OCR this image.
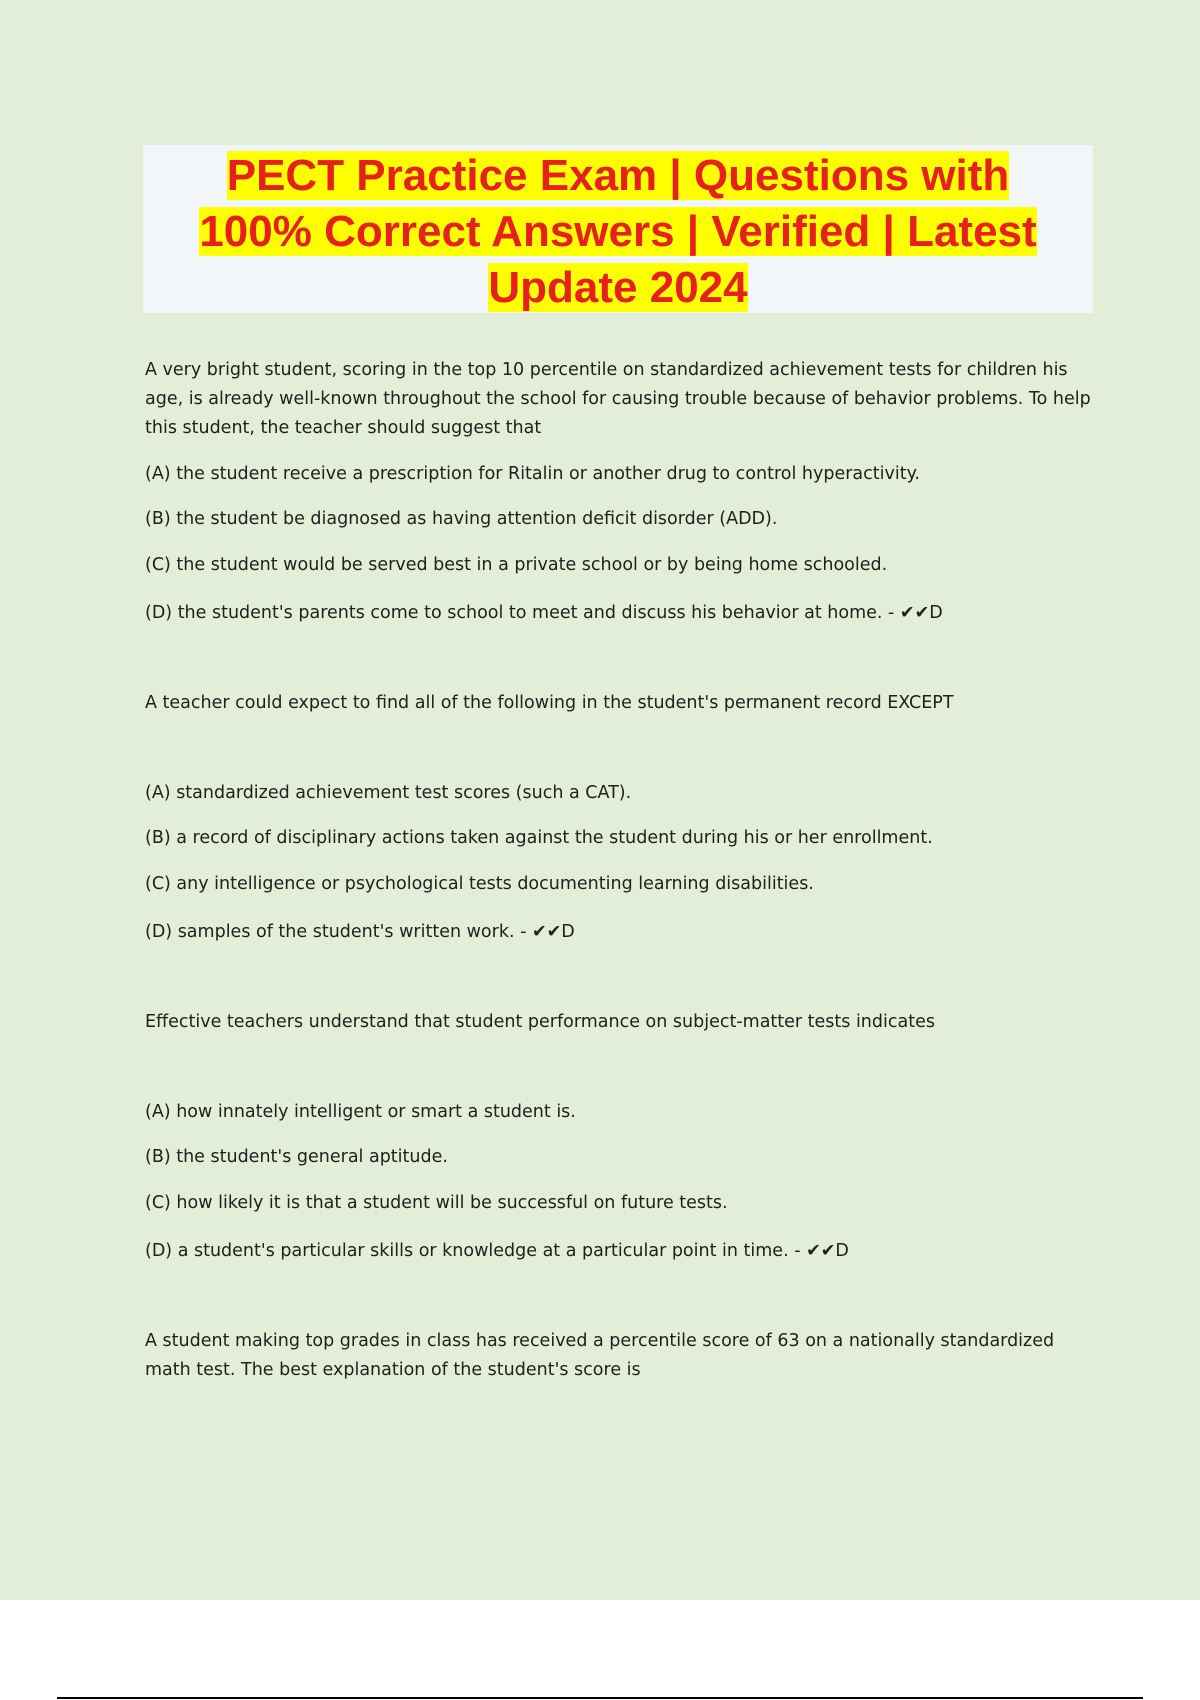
PECT Practice Exam | Questions with
100% Correct Answers | Verified | Latest
Update 2024

A very bright student, scoring in the top 10 percentile on standardized achievement tests for children his age, is already well-known throughout the school for causing trouble because of behavior problems. To help this student, the teacher should suggest that

(A) the student receive a prescription for Ritalin or another drug to control hyperactivity.

(B) the student be diagnosed as having attention deficit disorder (ADD).

(C) the student would be served best in a private school or by being home schooled.

(D) the student's parents come to school to meet and discuss his behavior at home. - ✔✔D

A teacher could expect to find all of the following in the student's permanent record EXCEPT

(A) standardized achievement test scores (such a CAT).

(B) a record of disciplinary actions taken against the student during his or her enrollment.

(C) any intelligence or psychological tests documenting learning disabilities.

(D) samples of the student's written work. - ✔✔D

Effective teachers understand that student performance on subject-matter tests indicates

(A) how innately intelligent or smart a student is.

(B) the student's general aptitude.

(C) how likely it is that a student will be successful on future tests.

(D) a student's particular skills or knowledge at a particular point in time. - ✔✔D

A student making top grades in class has received a percentile score of 63 on a nationally standardized math test. The best explanation of the student's score is
